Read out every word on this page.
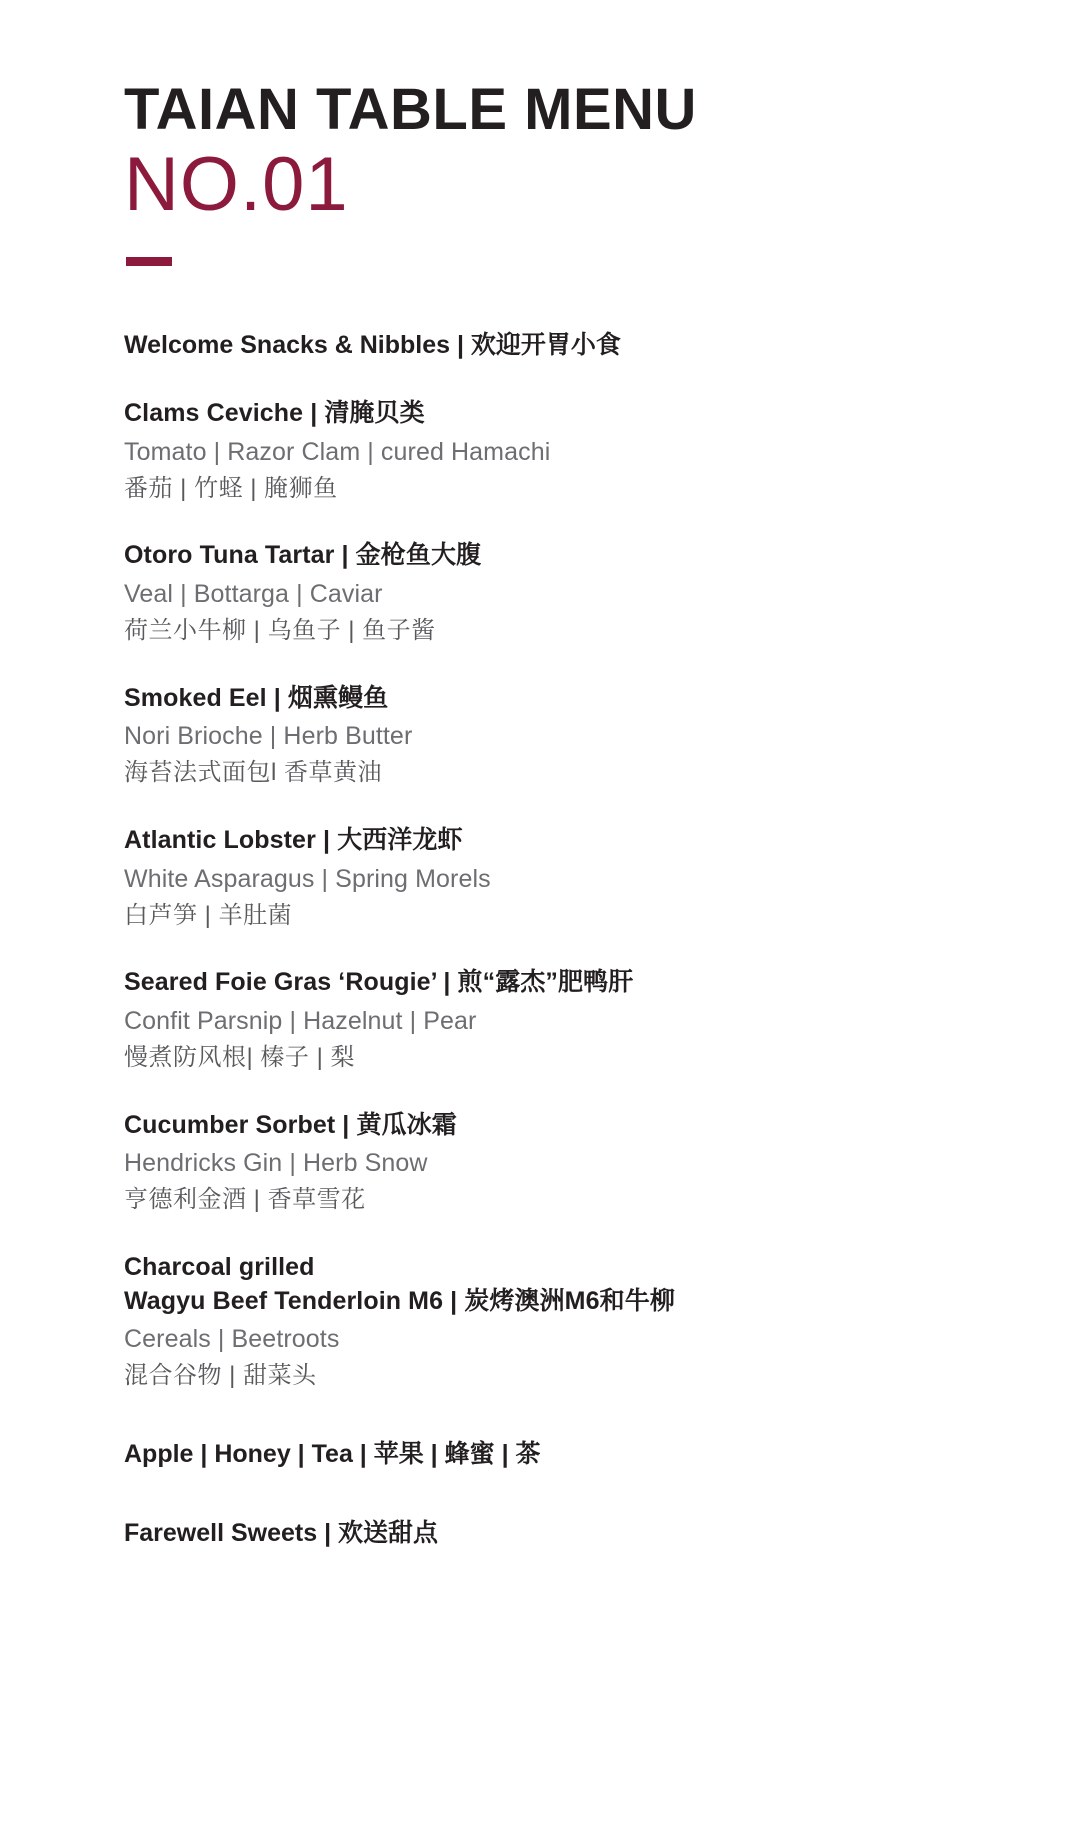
TAIAN TABLE MENU
NO.01

Welcome Snacks & Nibbles | 欢迎开胃小食

Clams Ceviche | 清腌贝类

Tomato | Razor Clam | cured Hamachi

番茄 | 竹蛏 | 腌狮鱼

Otoro Tuna Tartar | 金枪鱼大腹

Veal | Bottarga | Caviar

荷兰小牛柳 | 乌鱼子 | 鱼子酱

Smoked Eel | 烟熏鳗鱼

Nori Brioche | Herb Butter

海苔法式面包l 香草黄油

Atlantic Lobster | 大西洋龙虾

White Asparagus | Spring Morels

白芦笋 | 羊肚菌

Seared Foie Gras ‘Rougie’ | 煎“露杰”肥鸭肝

Confit Parsnip | Hazelnut | Pear

慢煮防风根| 榛子 | 梨

Cucumber Sorbet | 黄瓜冰霜

Hendricks Gin | Herb Snow

亨德利金酒 | 香草雪花

Charcoal grilled

Wagyu Beef Tenderloin M6 | 炭烤澳洲M6和牛柳

Cereals | Beetroots

混合谷物 | 甜菜头

Apple | Honey | Tea | 苹果 | 蜂蜜 | 茶

Farewell Sweets | 欢送甜点
